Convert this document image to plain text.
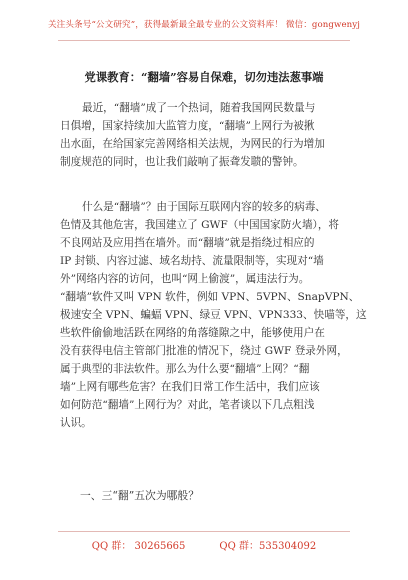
关注头条号“公文研究”，获得最新最全最专业的公文资料库！ 微信：gongwenyj
党课教育：“翻墙”容易自保难，切勿违法葱事端

最近，“翻墙”成了一个热词，随着我国网民数量与

日俱增，国家持续加大监管力度，“翻墙”上网行为被揪

出水面，在给国家完善网络相关法规，为网民的行为增加

制度规范的同时，也让我们敲响了振聋发聩的警钟。

什么是“翻墙”？由于国际互联网内容的较多的病毒、

色情及其他危害，我国建立了 GWF（中国国家防火墙），将

不良网站及应用挡在墙外。而“翻墙”就是指绕过相应的

IP 封锁、内容过滤、域名劫持、流量限制等，实现对“墙

外”网络内容的访问，也叫“网上偷渡”，属违法行为。

“翻墙”软件又叫 VPN 软件，例如 VPN、5VPN、SnapVPN、

极速安全 VPN、蝙蝠 VPN、绿豆 VPN、VPN333、快喵等，这

些软件偷偷地活跃在网络的角落缝隙之中，能够使用户在

没有获得电信主管部门批准的情况下，绕过 GWF 登录外网，

属于典型的非法软件。那么为什么要“翻墙”上网？“翻

墙”上网有哪些危害？在我们日常工作生活中，我们应该

如何防范“翻墙”上网行为？对此，笔者谈以下几点粗浅

认识。

一、三“翻”五次为哪般？

QQ 群： 30265665	QQ 群：535304092
